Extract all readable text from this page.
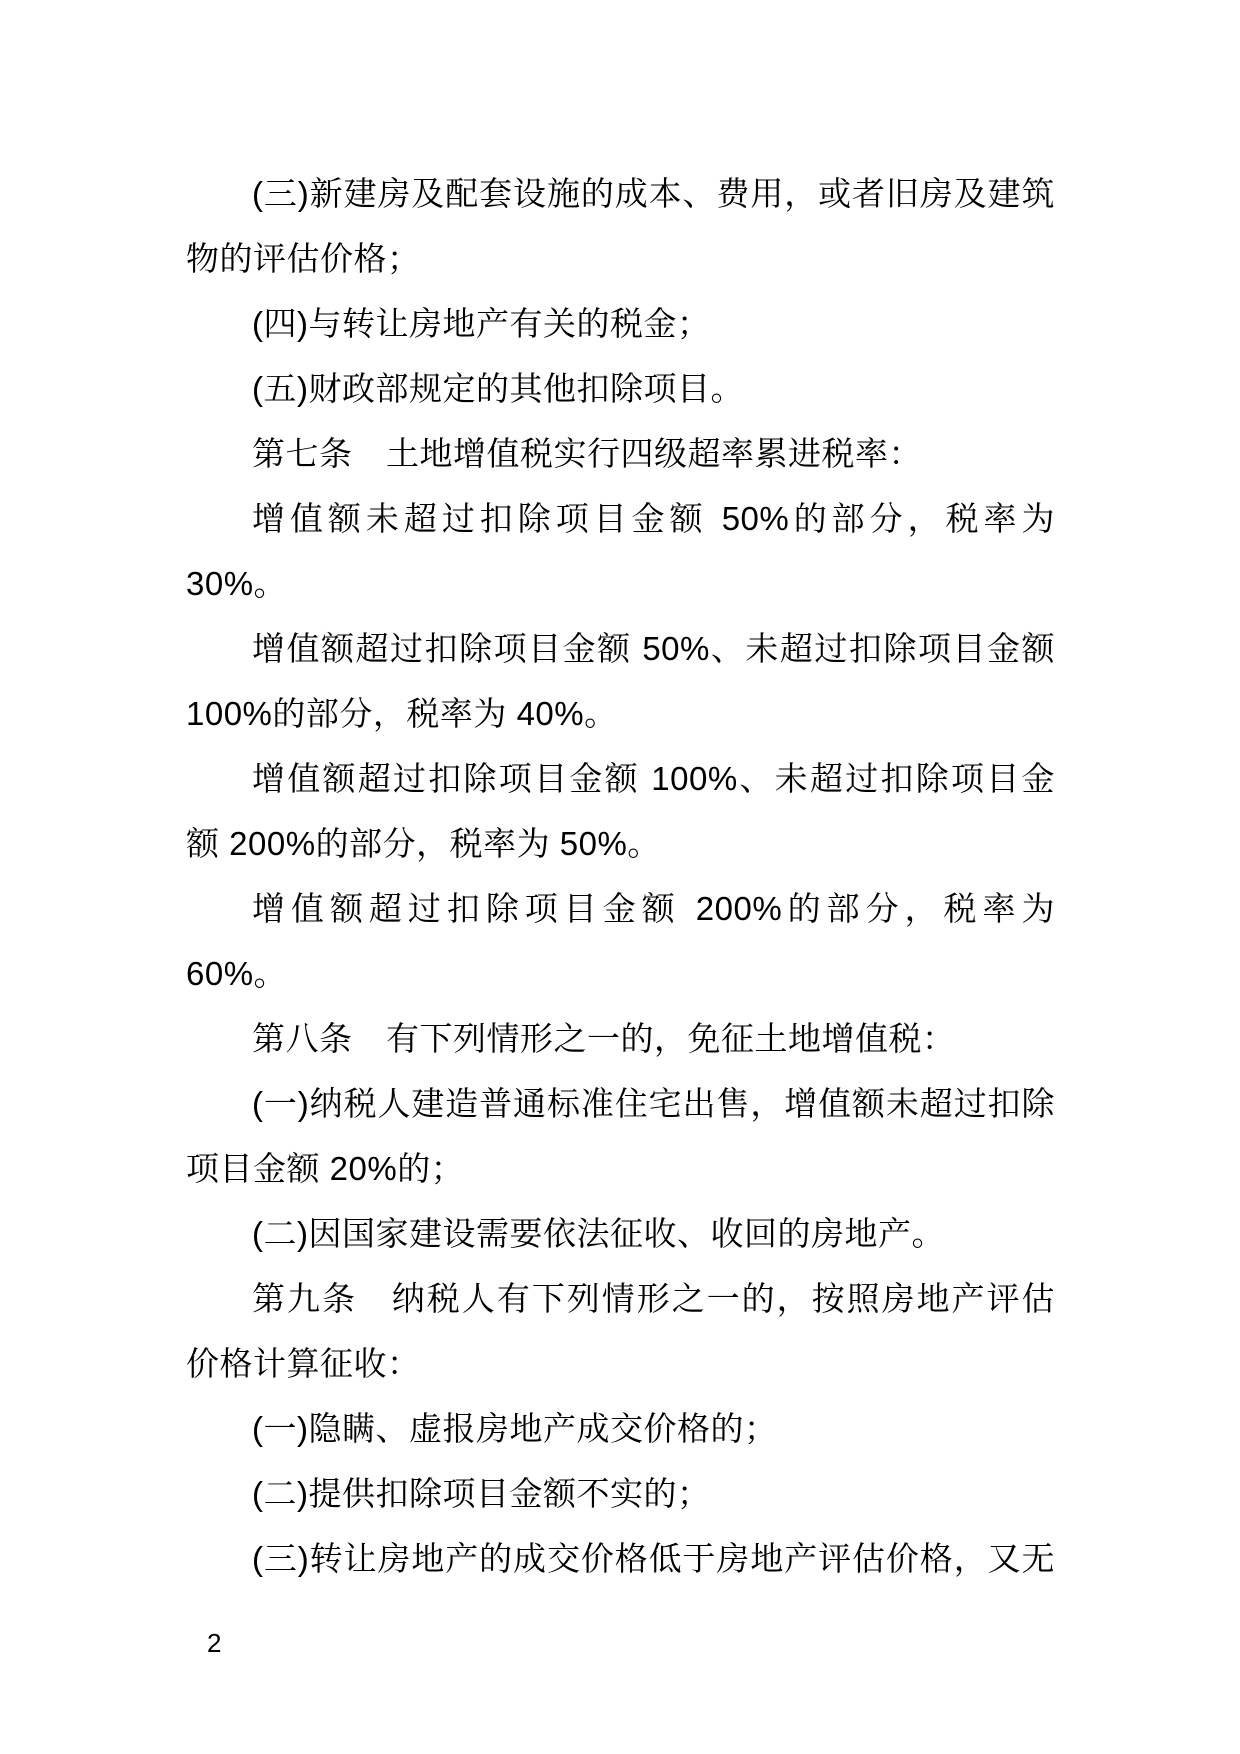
(三)新建房及配套设施的成本、费用，或者旧房及建筑
物的评估价格；

(四)与转让房地产有关的税金；

(五)财政部规定的其他扣除项目。

第七条　土地增值税实行四级超率累进税率：

增值额未超过扣除项目金额 50%的部分，税率为
30%。

增值额超过扣除项目金额 50%、未超过扣除项目金额
100%的部分，税率为 40%。

增值额超过扣除项目金额 100%、未超过扣除项目金
额 200%的部分，税率为 50%。

增值额超过扣除项目金额 200%的部分，税率为
60%。

第八条　有下列情形之一的，免征土地增值税：

(一)纳税人建造普通标准住宅出售，增值额未超过扣除
项目金额 20%的；

(二)因国家建设需要依法征收、收回的房地产。

第九条　纳税人有下列情形之一的，按照房地产评估
价格计算征收：

(一)隐瞒、虚报房地产成交价格的；

(二)提供扣除项目金额不实的；

(三)转让房地产的成交价格低于房地产评估价格，又无

2
